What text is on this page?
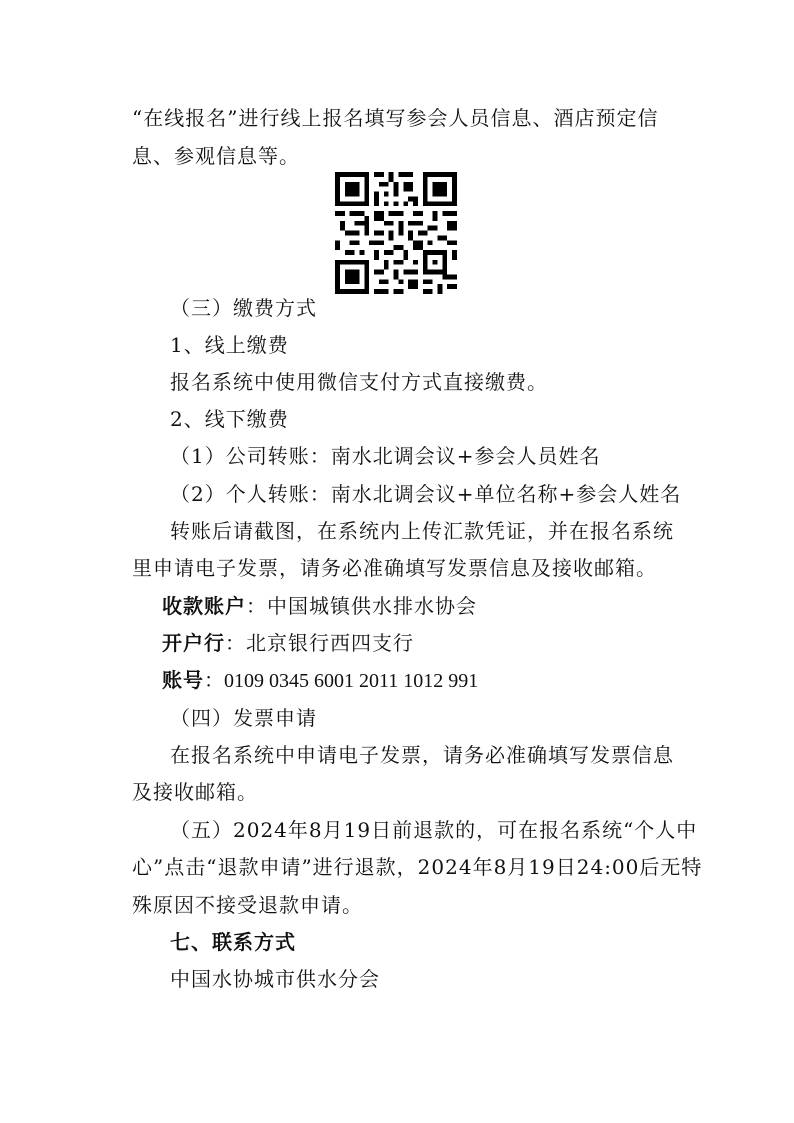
“在线报名”进行线上报名填写参会人员信息、酒店预定信
息、参观信息等。
（三）缴费方式
1、线上缴费
报名系统中使用微信支付方式直接缴费。
2、线下缴费
（1）公司转账：南水北调会议+参会人员姓名
（2）个人转账：南水北调会议+单位名称+参会人姓名
转账后请截图，在系统内上传汇款凭证，并在报名系统
里申请电子发票，请务必准确填写发票信息及接收邮箱。
收款账户：中国城镇供水排水协会
开户行：北京银行西四支行
账号：0109 0345 6001 2011 1012 991
（四）发票申请
在报名系统中申请电子发票，请务必准确填写发票信息
及接收邮箱。
（五）2024年8月19日前退款的，可在报名系统“个人中
心”点击“退款申请”进行退款，2024年8月19日24:00后无特
殊原因不接受退款申请。
七、联系方式
中国水协城市供水分会
